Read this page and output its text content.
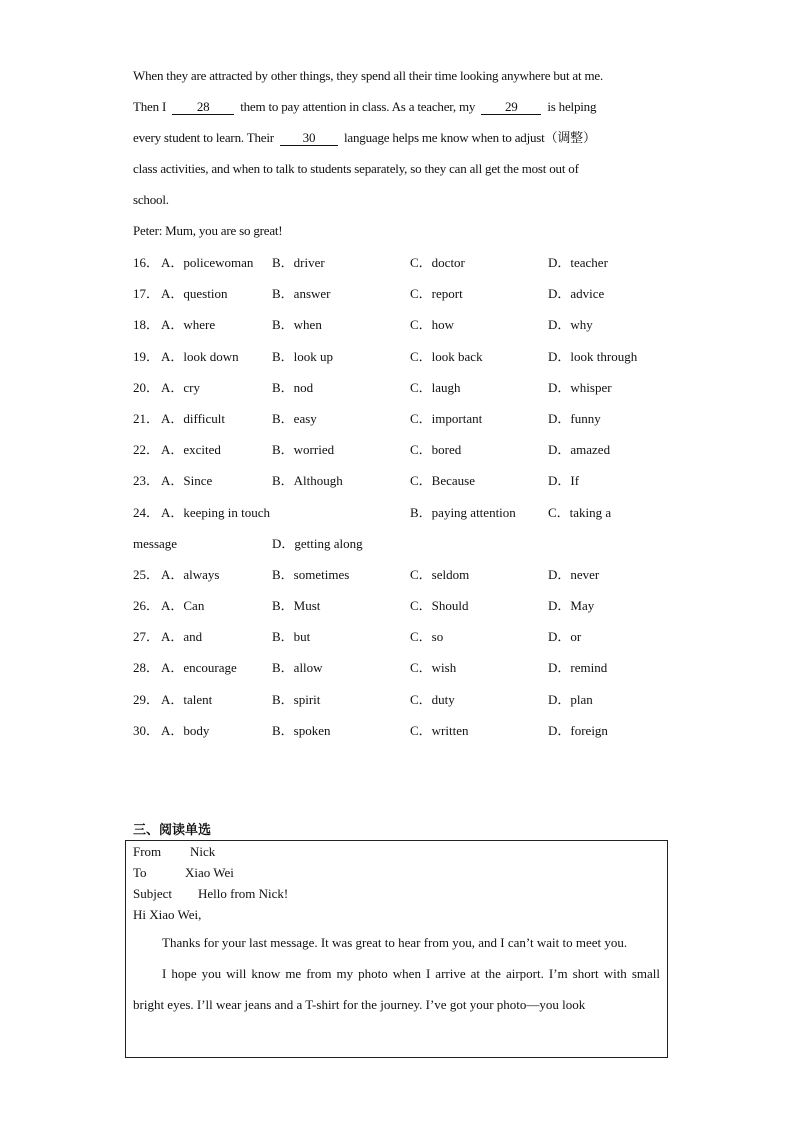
When they are attracted by other things, they spend all their time looking anywhere but at me.
Then I 28 them to pay attention in class. As a teacher, my 29 is helping
every student to learn. Their 30 language helps me know when to adjust（调整）
class activities, and when to talk to students separately, so they can all get the most out of
school.
Peter: Mum, you are so great!
16． A．policewoman B．driver	C．doctor	D．teacher
17． A．question	B．answer	C．report	D．advice
18． A．where	B．when	C．how	D．why
19． A．look down	B．look up	C．look back	D．look through
20． A．cry	B．nod	C．laugh	D．whisper
21． A．difficult	B．easy	C．important	D．funny
22． A．excited	B．worried	C．bored	D．amazed
23． A．Since	B．Although	C．Because	D．If
24． A．keeping in touch	B．paying attention C．taking a
message	D．getting along
25． A．always	B．sometimes	C．seldom	D．never
26． A．Can	B．Must	C．Should	D．May
27． A．and	B．but	C．so	D．or
28． A．encourage	B．allow	C．wish	D．remind
29． A．talent	B．spirit	C．duty	D．plan
30． A．body	B．spoken	C．written	D．foreign
三、阅读单选
From Nick
To	Xiao Wei
Subject Hello from Nick!
Hi Xiao Wei,

Thanks for your last message. It was great to hear from you, and I can’t wait to meet you.

I hope you will know me from my photo when I arrive at the airport. I’m short with small bright eyes. I’ll wear jeans and a T-shirt for the journey. I’ve got your photo—you look
